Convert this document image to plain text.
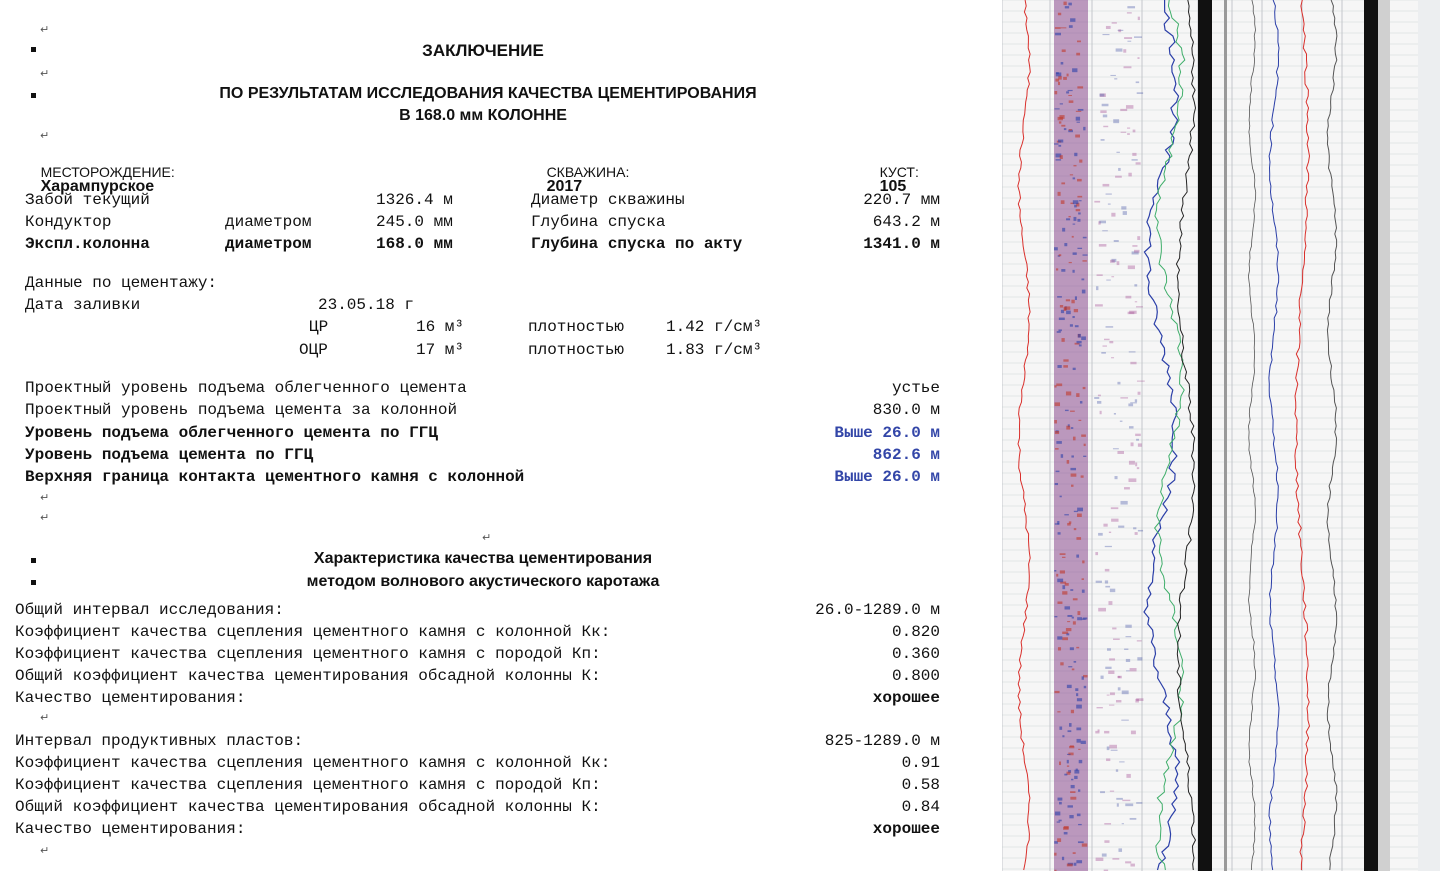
↵
↵
↵
ЗАКЛЮЧЕНИЕ
ПО РЕЗУЛЬТАТАМ ИССЛЕДОВАНИЯ КАЧЕСТВА ЦЕМЕНТИРОВАНИЯ
В 168.0 мм КОЛОННЕ

МЕСТОРОЖДЕНИЕ:
Харампурское

СКВАЖИНА:
2017

КУСТ:
105

Забой текущий	1326.4 м	Диаметр скважины	220.7 мм
Кондуктор	диаметром	245.0 мм	Глубина спуска	643.2 м
Экспл.колонна	диаметром	168.0 мм	Глубина спуска по акту	1341.0 м
Данные по цементажу:
Дата заливки	23.05.18 г
ЦР	16 м³	плотностью	1.42 г/см³
ОЦР	17 м³	плотностью	1.83 г/см³
Проектный уровень подъема облегченного цемента	устье
Проектный уровень подъема цемента за колонной	830.0 м
Уровень подъема облегченного цемента по ГГЦ	Выше 26.0 м
Уровень подъема цемента по ГГЦ	862.6 м
Верхняя граница контакта цементного камня с колонной	Выше 26.0 м
↵
↵
↵
Характеристика качества цементирования
методом волнового акустического каротажа
Общий интервал исследования:	26.0-1289.0 м
Коэффициент качества сцепления цементного камня с колонной Кк:	0.820
Коэффициент качества сцепления цементного камня с породой Кп:	0.360
Общий коэффициент качества цементирования обсадной колонны К:	0.800
Качество цементирования:	хорошее
↵
Интервал продуктивных пластов:	825-1289.0 м
Коэффициент качества сцепления цементного камня с колонной Кк:	0.91
Коэффициент качества сцепления цементного камня с породой Кп:	0.58
Общий коэффициент качества цементирования обсадной колонны К:	0.84
Качество цементирования:	хорошее
↵
